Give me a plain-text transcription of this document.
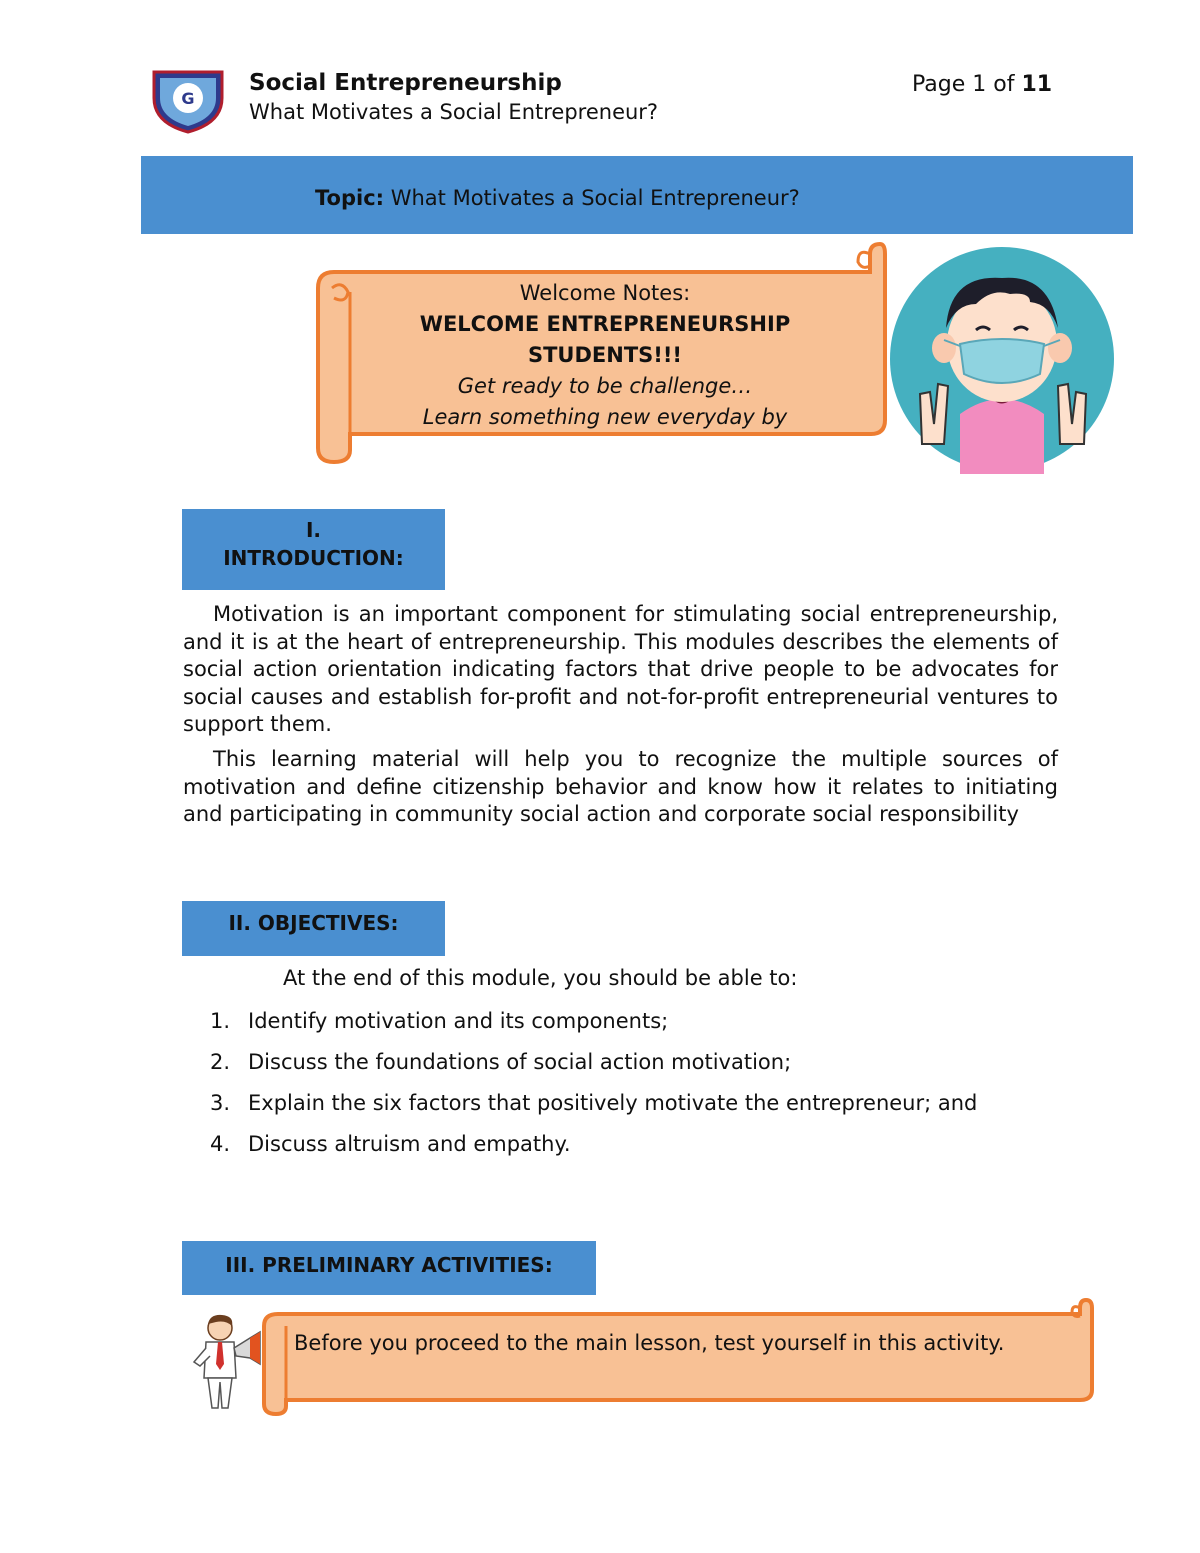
G
Social Entrepreneurship
What Motivates a Social Entrepreneur?
Page 1 of 11
Topic: What Motivates a Social Entrepreneur?
Welcome Notes:
WELCOME ENTREPRENEURSHIP
STUDENTS!!!
Get ready to be challenge…
Learn something new everyday by
I.
INTRODUCTION:

Motivation is an important component for stimulating social entrepreneurship, and it is at the heart of entrepreneurship. This modules describes the elements of social action orientation indicating factors that drive people to be advocates for social causes and establish for-profit and not-for-profit entrepreneurial ventures to support them.

This learning material will help you to recognize the multiple sources of motivation and define citizenship behavior and know how it relates to initiating and participating in community social action and corporate social responsibility

II. OBJECTIVES:
At the end of this module, you should be able to:
1. Identify motivation and its components;
2. Discuss the foundations of social action motivation;
3. Explain the six factors that positively motivate the entrepreneur; and
4. Discuss altruism and empathy.
III. PRELIMINARY ACTIVITIES:
Before you proceed to the main lesson, test yourself in this activity.
